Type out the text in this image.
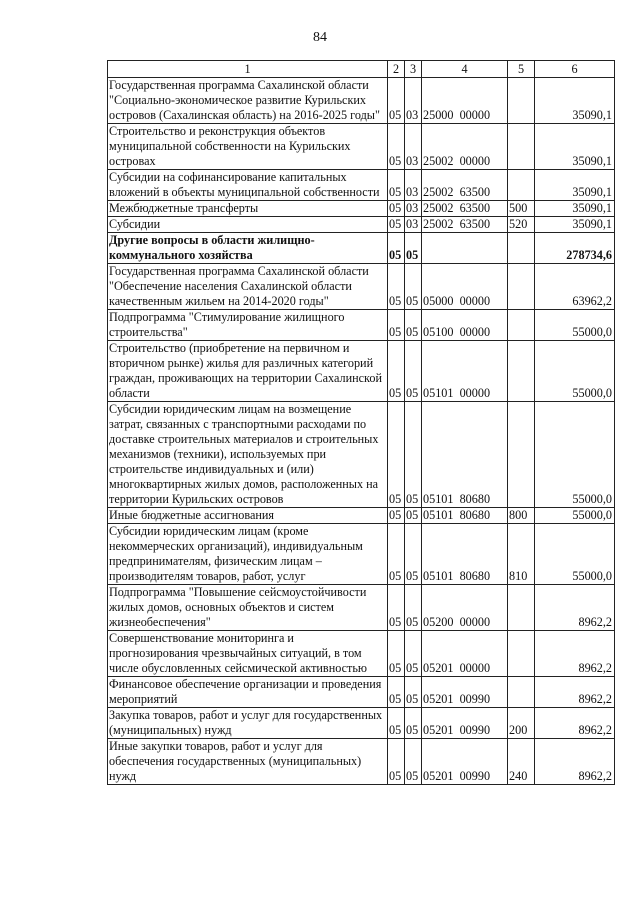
84
1	2	3	4	5	6
Государственная программа Сахалинской области "Социально-экономическое развитие Курильских островов (Сахалинская область) на 2016-2025 годы"	05	03	25000  00000		35090,1
Строительство и реконструкция объектов муниципальной собственности на Курильских островах	05	03	25002  00000		35090,1
Субсидии на софинансирование капитальных вложений в объекты муниципальной собственности	05	03	25002  63500		35090,1
Межбюджетные трансферты	05	03	25002  63500	500	35090,1
Субсидии	05	03	25002  63500	520	35090,1
Другие вопросы в области жилищно-коммунального хозяйства	05	05			278734,6
Государственная программа Сахалинской области "Обеспечение населения Сахалинской области качественным жильем на 2014-2020 годы"	05	05	05000  00000		63962,2
Подпрограмма "Стимулирование жилищного строительства"	05	05	05100  00000		55000,0
Строительство (приобретение на первичном и вторичном рынке) жилья для различных категорий граждан, проживающих на территории Сахалинской области	05	05	05101  00000		55000,0
Субсидии юридическим лицам на возмещение затрат, связанных с транспортными расходами по доставке строительных материалов и строительных механизмов (техники), используемых при строительстве индивидуальных и (или) многоквартирных жилых домов, расположенных на территории Курильских островов	05	05	05101  80680		55000,0
Иные бюджетные ассигнования	05	05	05101  80680	800	55000,0
Субсидии юридическим лицам (кроме некоммерческих организаций), индивидуальным предпринимателям, физическим лицам – производителям товаров, работ, услуг	05	05	05101  80680	810	55000,0
Подпрограмма "Повышение сейсмоустойчивости жилых домов, основных объектов и систем жизнеобеспечения"	05	05	05200  00000		8962,2
Совершенствование мониторинга и прогнозирования чрезвычайных ситуаций, в том числе обусловленных сейсмической активностью	05	05	05201  00000		8962,2
Финансовое обеспечение организации и проведения мероприятий	05	05	05201  00990		8962,2
Закупка товаров, работ и услуг для государственных (муниципальных) нужд	05	05	05201  00990	200	8962,2
Иные закупки товаров, работ и услуг для обеспечения государственных (муниципальных) нужд	05	05	05201  00990	240	8962,2
